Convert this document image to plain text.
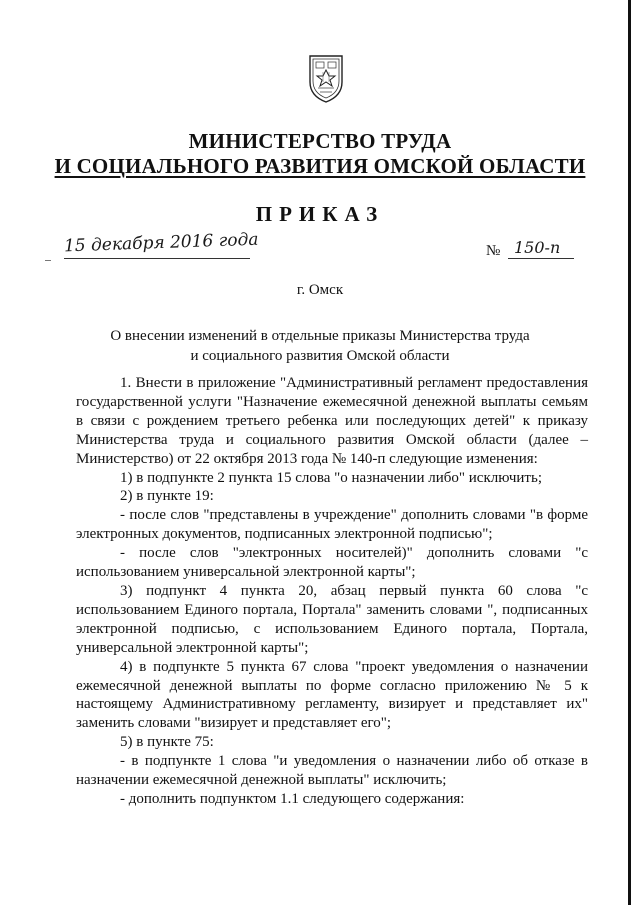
МИНИСТЕРСТВО ТРУДА
И СОЦИАЛЬНОГО РАЗВИТИЯ ОМСКОЙ ОБЛАСТИ
ПРИКАЗ
15 декабря 2016 года	№ 150-п
г. Омск
О внесении изменений в отдельные приказы Министерства труда
и социального развития Омской области

1. Внести в приложение "Административный регламент предоставления государственной услуги "Назначение ежемесячной денежной выплаты семьям в связи с рождением третьего ребенка или последующих детей" к приказу Министерства труда и социального развития Омской области (далее – Министерство) от 22 октября 2013 года № 140-п следующие изменения:

1) в подпункте 2 пункта 15 слова "о назначении либо" исключить;

2) в пункте 19:

- после слов "представлены в учреждение" дополнить словами "в форме электронных документов, подписанных электронной подписью";

- после слов "электронных носителей)" дополнить словами "с использованием универсальной электронной карты";

3) подпункт 4 пункта 20, абзац первый пункта 60 слова "с использованием Единого портала, Портала" заменить словами ", подписанных электронной подписью, с использованием Единого портала, Портала, универсальной электронной карты";

4) в подпункте 5 пункта 67 слова "проект уведомления о назначении ежемесячной денежной выплаты по форме согласно приложению № 5 к настоящему Административному регламенту, визирует и представляет их" заменить словами "визирует и представляет его";

5) в пункте 75:

- в подпункте 1 слова "и уведомления о назначении либо об отказе в назначении ежемесячной денежной выплаты" исключить;

- дополнить подпунктом 1.1 следующего содержания:
